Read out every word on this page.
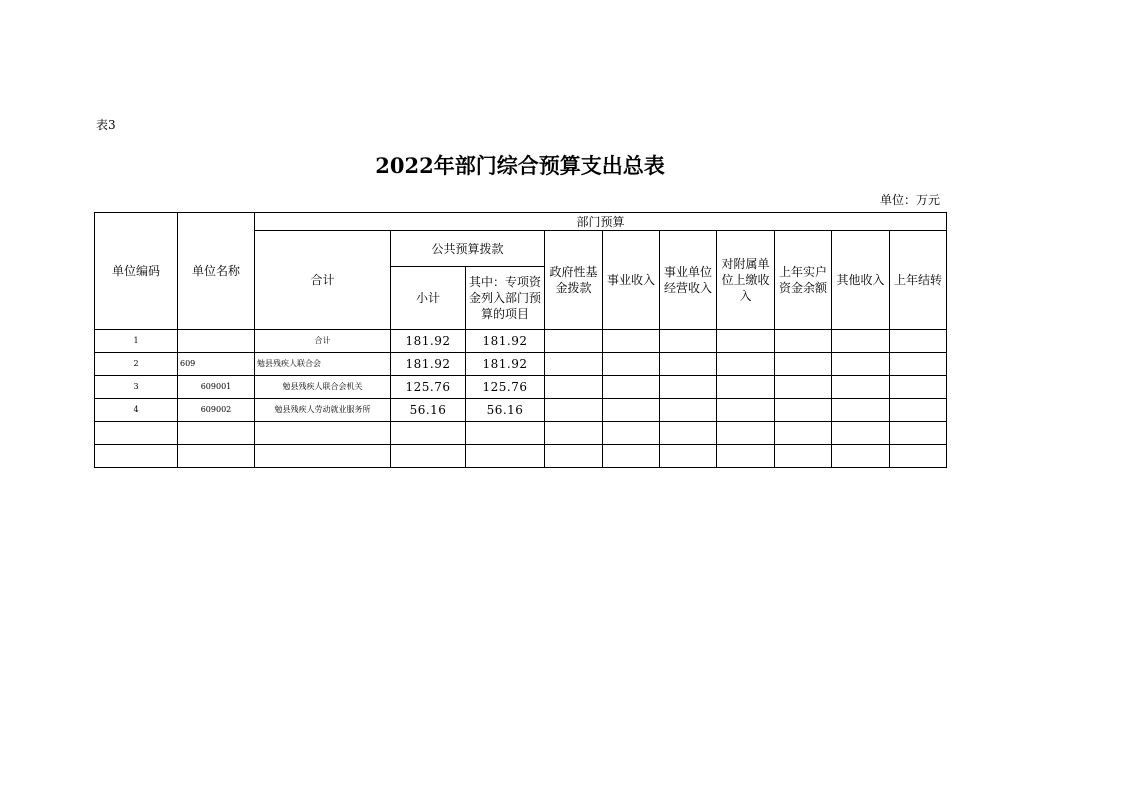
表3
2022年部门综合预算支出总表
单位：万元
单位编码	单位名称	部门预算									
		合计	公共预算拨款		政府性基金拨款	事业收入	事业单位经营收入	对附属单位上缴收入	上年实户资金余额	其他收入	上年结转
			小计	其中：专项资金列入部门预算的项目							
1		合计	181.92	181.92							
2	609	勉县残疾人联合会	181.92	181.92							
3	609001	勉县残疾人联合会机关	125.76	125.76							
4	609002	勉县残疾人劳动就业服务所	56.16	56.16							
